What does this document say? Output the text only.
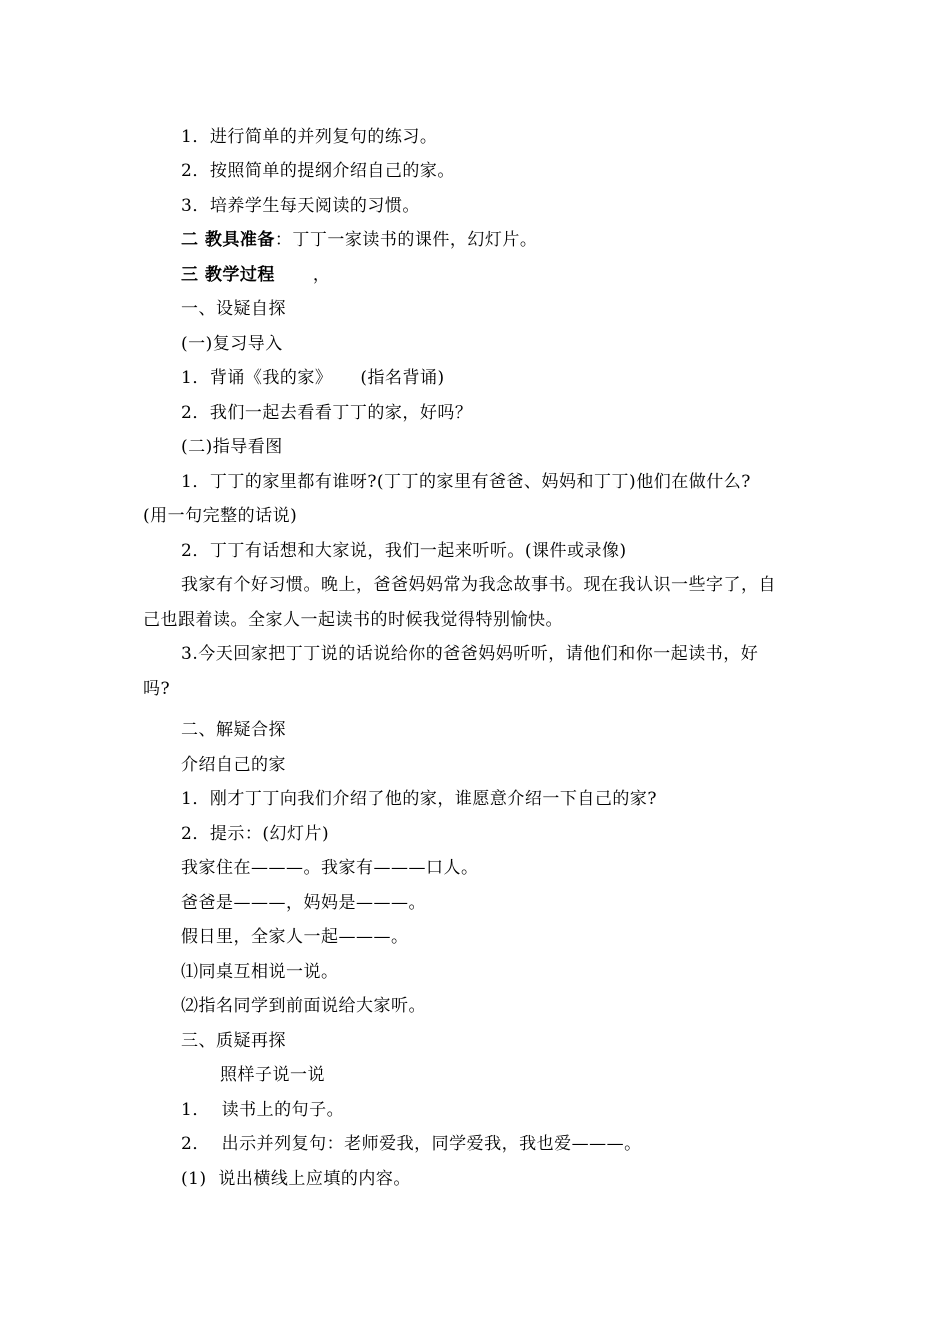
1．进行简单的并列复句的练习。
2．按照简单的提纲介绍自己的家。
3．培养学生每天阅读的习惯。
二 教具准备：丁丁一家读书的课件，幻灯片。
三 教学过程 ，
一、设疑自探
(一)复习导入
1．背诵《我的家》 (指名背诵)
2．我们一起去看看丁丁的家，好吗？
(二)指导看图
1．丁丁的家里都有谁呀?(丁丁的家里有爸爸、妈妈和丁丁)他们在做什么?
(用一句完整的话说)
2．丁丁有话想和大家说，我们一起来听听。(课件或录像)
我家有个好习惯。晚上，爸爸妈妈常为我念故事书。现在我认识一些字了，自
己也跟着读。全家人一起读书的时候我觉得特别愉快。
3.今天回家把丁丁说的话说给你的爸爸妈妈听听，请他们和你一起读书，好
吗?
二、解疑合探
介绍自己的家
1．刚才丁丁向我们介绍了他的家，谁愿意介绍一下自己的家?
2．提示：(幻灯片)
我家住在———。我家有———口人。
爸爸是———，妈妈是———。
假日里，全家人一起———。
⑴同桌互相说一说。
⑵指名同学到前面说给大家听。
三、质疑再探
照样子说一说
1．  读书上的句子。
2．  出示并列复句：老师爱我，同学爱我，我也爱———。
(1)  说出横线上应填的内容。
